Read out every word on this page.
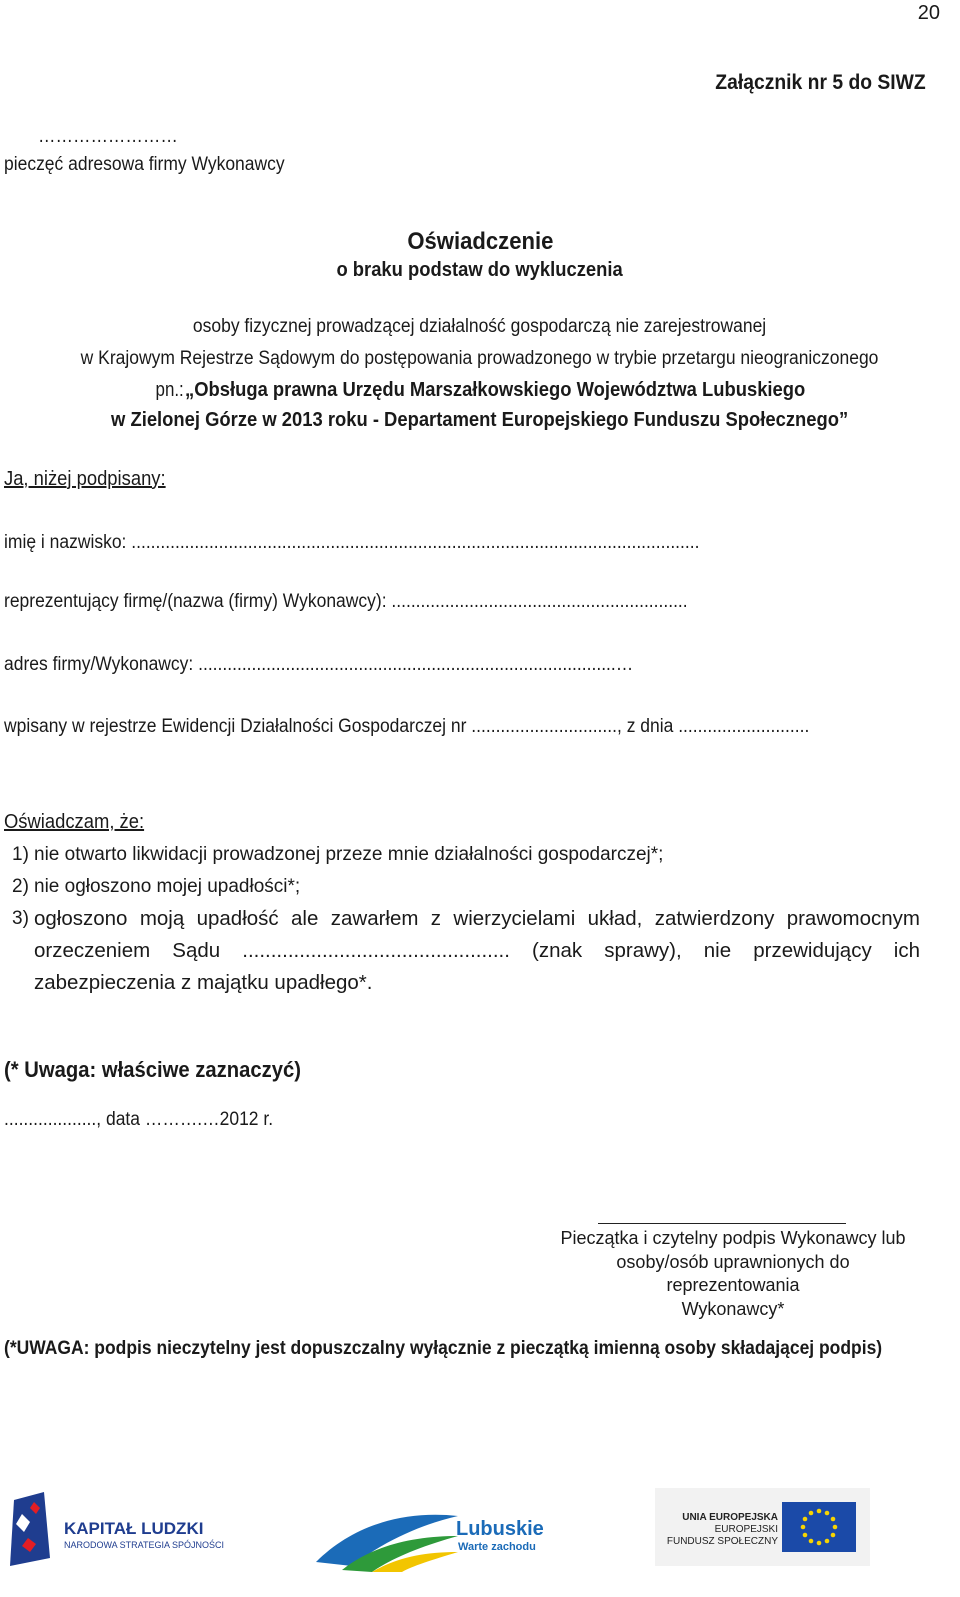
20
Załącznik nr 5 do SIWZ
……………………
pieczęć adresowa firmy Wykonawcy
Oświadczenie
o braku podstaw do wykluczenia
osoby fizycznej prowadzącej działalność gospodarczą nie zarejestrowanej
w Krajowym Rejestrze Sądowym do postępowania prowadzonego w trybie przetargu nieograniczonego
pn.:„Obsługa prawna Urzędu Marszałkowskiego Województwa Lubuskiego
w Zielonej Górze w 2013 roku - Departament Europejskiego Funduszu Społecznego”
Ja, niżej podpisany:
imię i nazwisko: .....................................................................................................................
reprezentujący firmę/(nazwa (firmy) Wykonawcy): .............................................................
adres firmy/Wykonawcy: ......................................................................................…
wpisany w rejestrze Ewidencji Działalności Gospodarczej nr .............................., z dnia ...........................
Oświadczam, że:
1) nie otwarto likwidacji prowadzonej przeze mnie działalności gospodarczej*;
2) nie ogłoszono mojej upadłości*;
3) ogłoszono moją upadłość ale zawarłem z wierzycielami układ, zatwierdzony prawomocnym orzeczeniem Sądu ............................................... (znak sprawy), nie przewidujący ich zabezpieczenia z majątku upadłego*.
(* Uwaga: właściwe zaznaczyć)
..................., data ……….…2012 r.
Pieczątka i czytelny podpis Wykonawcy lub
osoby/osób uprawnionych do reprezentowania
Wykonawcy*
(*UWAGA: podpis nieczytelny jest dopuszczalny wyłącznie z pieczątką imienną osoby składającej podpis)
KAPITAŁ LUDZKI
NARODOWA STRATEGIA SPÓJNOŚCI
Lubuskie
Warte zachodu
UNIA EUROPEJSKA
EUROPEJSKI
FUNDUSZ SPOŁECZNY
